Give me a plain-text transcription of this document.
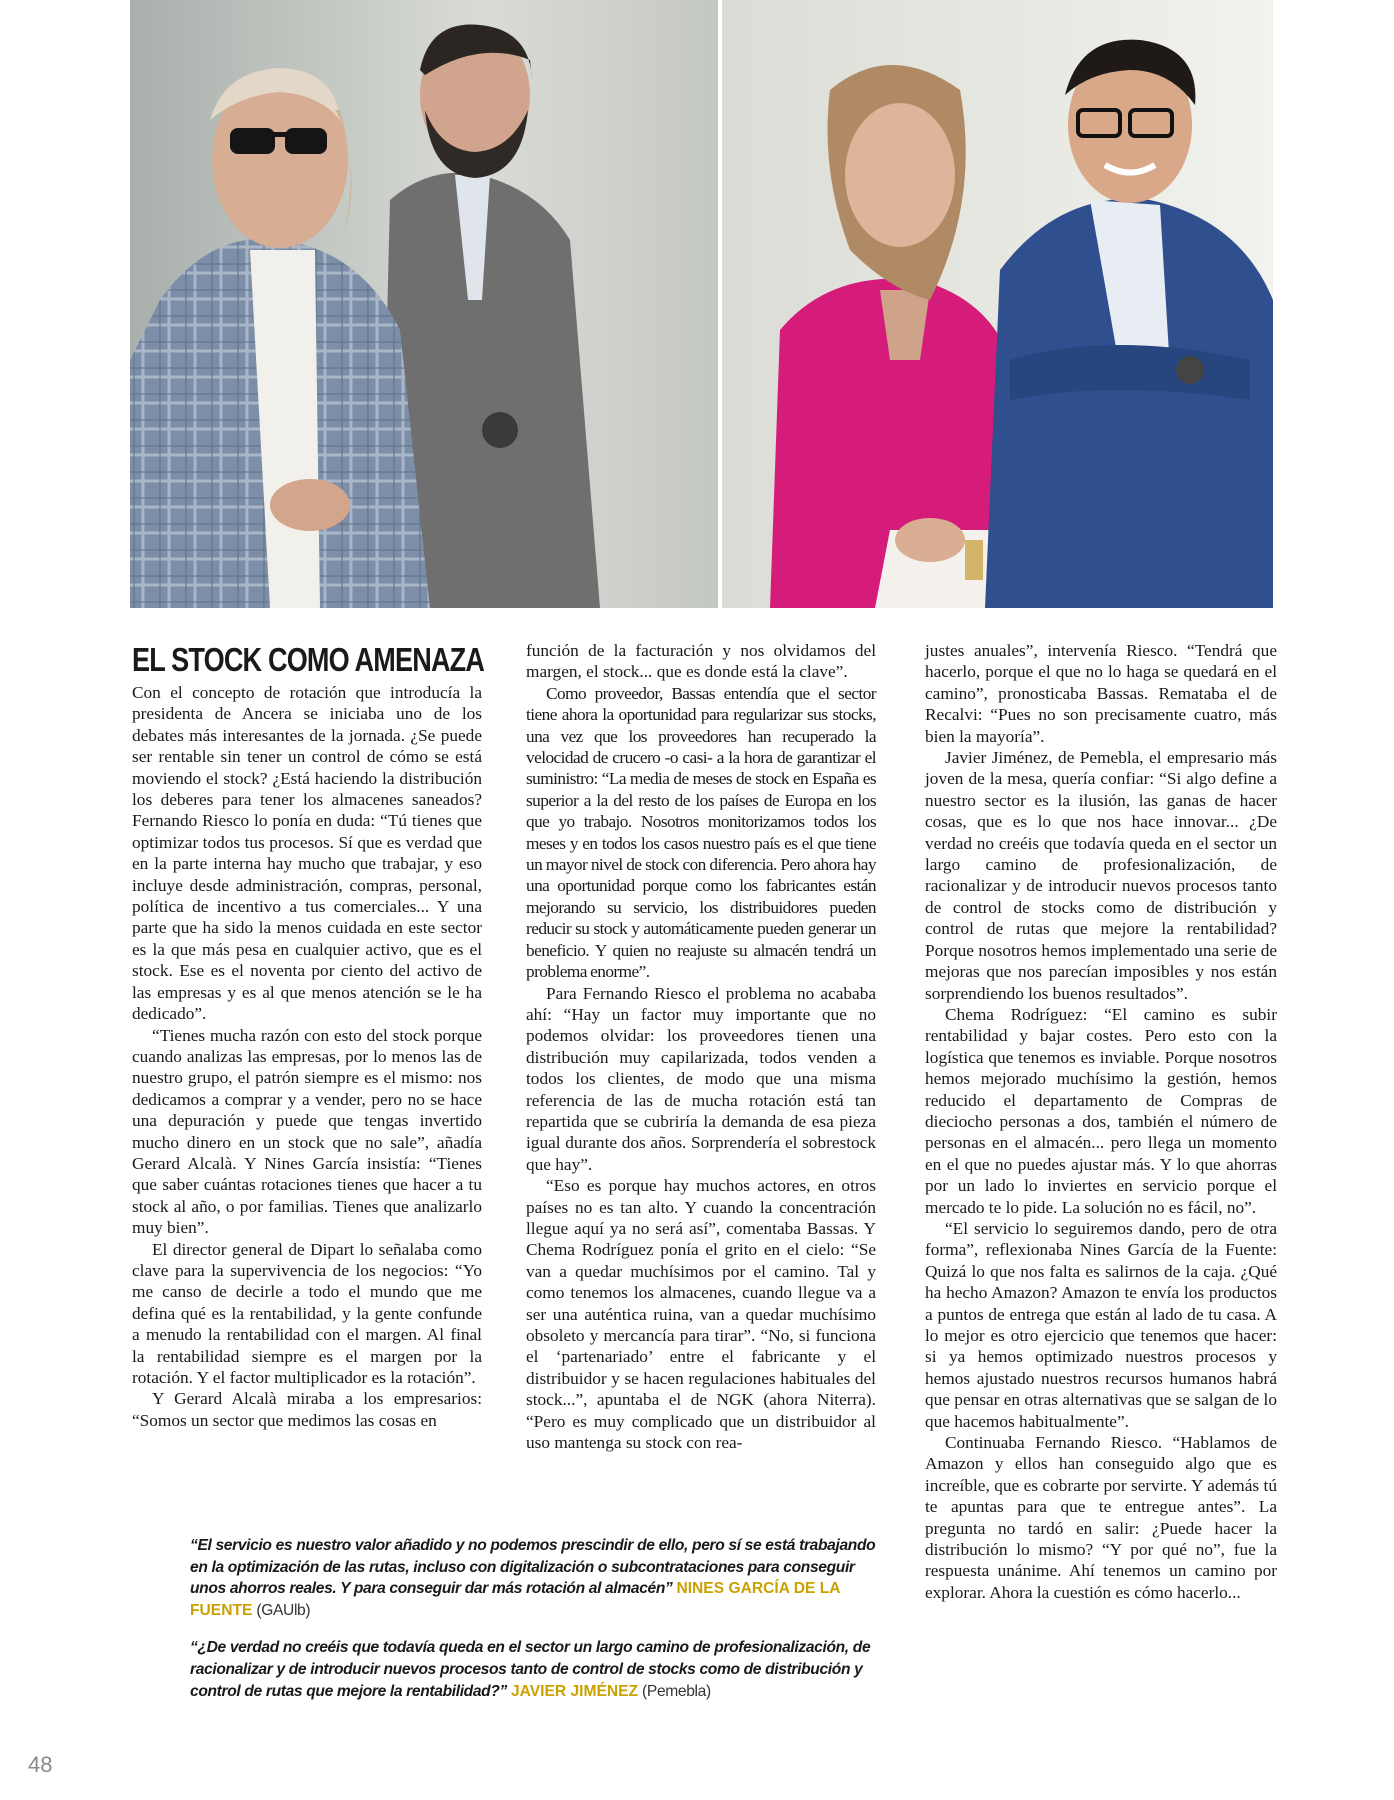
EL STOCK COMO AMENAZA

Con el concepto de rotación que introducía la presidenta de Ancera se iniciaba uno de los debates más interesantes de la jornada. ¿Se puede ser rentable sin tener un control de cómo se está moviendo el stock? ¿Está haciendo la distribución los deberes para tener los almacenes saneados? Fernando Riesco lo ponía en duda: “Tú tienes que optimizar todos tus procesos. Sí que es verdad que en la parte interna hay mucho que trabajar, y eso incluye desde administración, compras, personal, política de incentivo a tus comerciales... Y una parte que ha sido la menos cuidada en este sector es la que más pesa en cualquier activo, que es el stock. Ese es el noventa por ciento del activo de las empresas y es al que menos atención se le ha dedicado”.

“Tienes mucha razón con esto del stock porque cuando analizas las empresas, por lo menos las de nuestro grupo, el patrón siempre es el mismo: nos dedicamos a comprar y a vender, pero no se hace una depuración y puede que tengas invertido mucho dinero en un stock que no sale”, añadía Gerard Alcalà. Y Nines García insistía: “Tienes que saber cuántas rotaciones tienes que hacer a tu stock al año, o por familias. Tienes que analizarlo muy bien”.

El director general de Dipart lo señalaba como clave para la supervivencia de los negocios: “Yo me canso de decirle a todo el mundo que me defina qué es la rentabilidad, y la gente confunde a menudo la rentabilidad con el margen. Al final la rentabilidad siempre es el margen por la rotación. Y el factor multiplicador es la rotación”.

Y Gerard Alcalà miraba a los empresarios: “Somos un sector que medimos las cosas en

función de la facturación y nos olvidamos del margen, el stock... que es donde está la clave”.

Como proveedor, Bassas entendía que el sector tiene ahora la oportunidad para regularizar sus stocks, una vez que los proveedores han recuperado la velocidad de crucero -o casi- a la hora de garantizar el suministro: “La media de meses de stock en España es superior a la del resto de los países de Europa en los que yo trabajo. Nosotros monitorizamos todos los meses y en todos los casos nuestro país es el que tiene un mayor nivel de stock con diferencia. Pero ahora hay una oportunidad porque como los fabricantes están mejorando su servicio, los distribuidores pueden reducir su stock y automáticamente pueden generar un beneficio. Y quien no reajuste su almacén tendrá un problema enorme”.

Para Fernando Riesco el problema no acababa ahí: “Hay un factor muy importante que no podemos olvidar: los proveedores tienen una distribución muy capilarizada, todos venden a todos los clientes, de modo que una misma referencia de las de mucha rotación está tan repartida que se cubriría la demanda de esa pieza igual durante dos años. Sorprendería el sobrestock que hay”.

“Eso es porque hay muchos actores, en otros países no es tan alto. Y cuando la concentración llegue aquí ya no será así”, comentaba Bassas. Y Chema Rodríguez ponía el grito en el cielo: “Se van a quedar muchísimos por el camino. Tal y como tenemos los almacenes, cuando llegue va a ser una auténtica ruina, van a quedar muchísimo obsoleto y mercancía para tirar”. “No, si funciona el ‘partenariado’ entre el fabricante y el distribuidor y se hacen regulaciones habituales del stock...”, apuntaba el de NGK (ahora Niterra). “Pero es muy complicado que un distribuidor al uso mantenga su stock con rea-

justes anuales”, intervenía Riesco. “Tendrá que hacerlo, porque el que no lo haga se quedará en el camino”, pronosticaba Bassas. Remataba el de Recalvi: “Pues no son precisamente cuatro, más bien la mayoría”.

Javier Jiménez, de Pemebla, el empresario más joven de la mesa, quería confiar: “Si algo define a nuestro sector es la ilusión, las ganas de hacer cosas, que es lo que nos hace innovar... ¿De verdad no creéis que todavía queda en el sector un largo camino de profesionalización, de racionalizar y de introducir nuevos procesos tanto de control de stocks como de distribución y control de rutas que mejore la rentabilidad? Porque nosotros hemos implementado una serie de mejoras que nos parecían imposibles y nos están sorprendiendo los buenos resultados”.

Chema Rodríguez: “El camino es subir rentabilidad y bajar costes. Pero esto con la logística que tenemos es inviable. Porque nosotros hemos mejorado muchísimo la gestión, hemos reducido el departamento de Compras de dieciocho personas a dos, también el número de personas en el almacén... pero llega un momento en el que no puedes ajustar más. Y lo que ahorras por un lado lo inviertes en servicio porque el mercado te lo pide. La solución no es fácil, no”.

“El servicio lo seguiremos dando, pero de otra forma”, reflexionaba Nines García de la Fuente: Quizá lo que nos falta es salirnos de la caja. ¿Qué ha hecho Amazon? Amazon te envía los productos a puntos de entrega que están al lado de tu casa. A lo mejor es otro ejercicio que tenemos que hacer: si ya hemos optimizado nuestros procesos y hemos ajustado nuestros recursos humanos habrá que pensar en otras alternativas que se salgan de lo que hacemos habitualmente”.

Continuaba Fernando Riesco. “Hablamos de Amazon y ellos han conseguido algo que es increíble, que es cobrarte por servirte. Y además tú te apuntas para que te entregue antes”. La pregunta no tardó en salir: ¿Puede hacer la distribución lo mismo? “Y por qué no”, fue la respuesta unánime. Ahí tenemos un camino por explorar. Ahora la cuestión es cómo hacerlo...

“El servicio es nuestro valor añadido y no podemos prescindir de ello, pero sí se está trabajando en la optimización de las rutas, incluso con digitalización o subcontrataciones para conseguir unos ahorros reales. Y para conseguir dar más rotación al almacén” NINES GARCÍA DE LA FUENTE (GAUlb)

“¿De verdad no creéis que todavía queda en el sector un largo camino de profesionalización, de racionalizar y de introducir nuevos procesos tanto de control de stocks como de distribución y control de rutas que mejore la rentabilidad?” JAVIER JIMÉNEZ (Pemebla)

48
